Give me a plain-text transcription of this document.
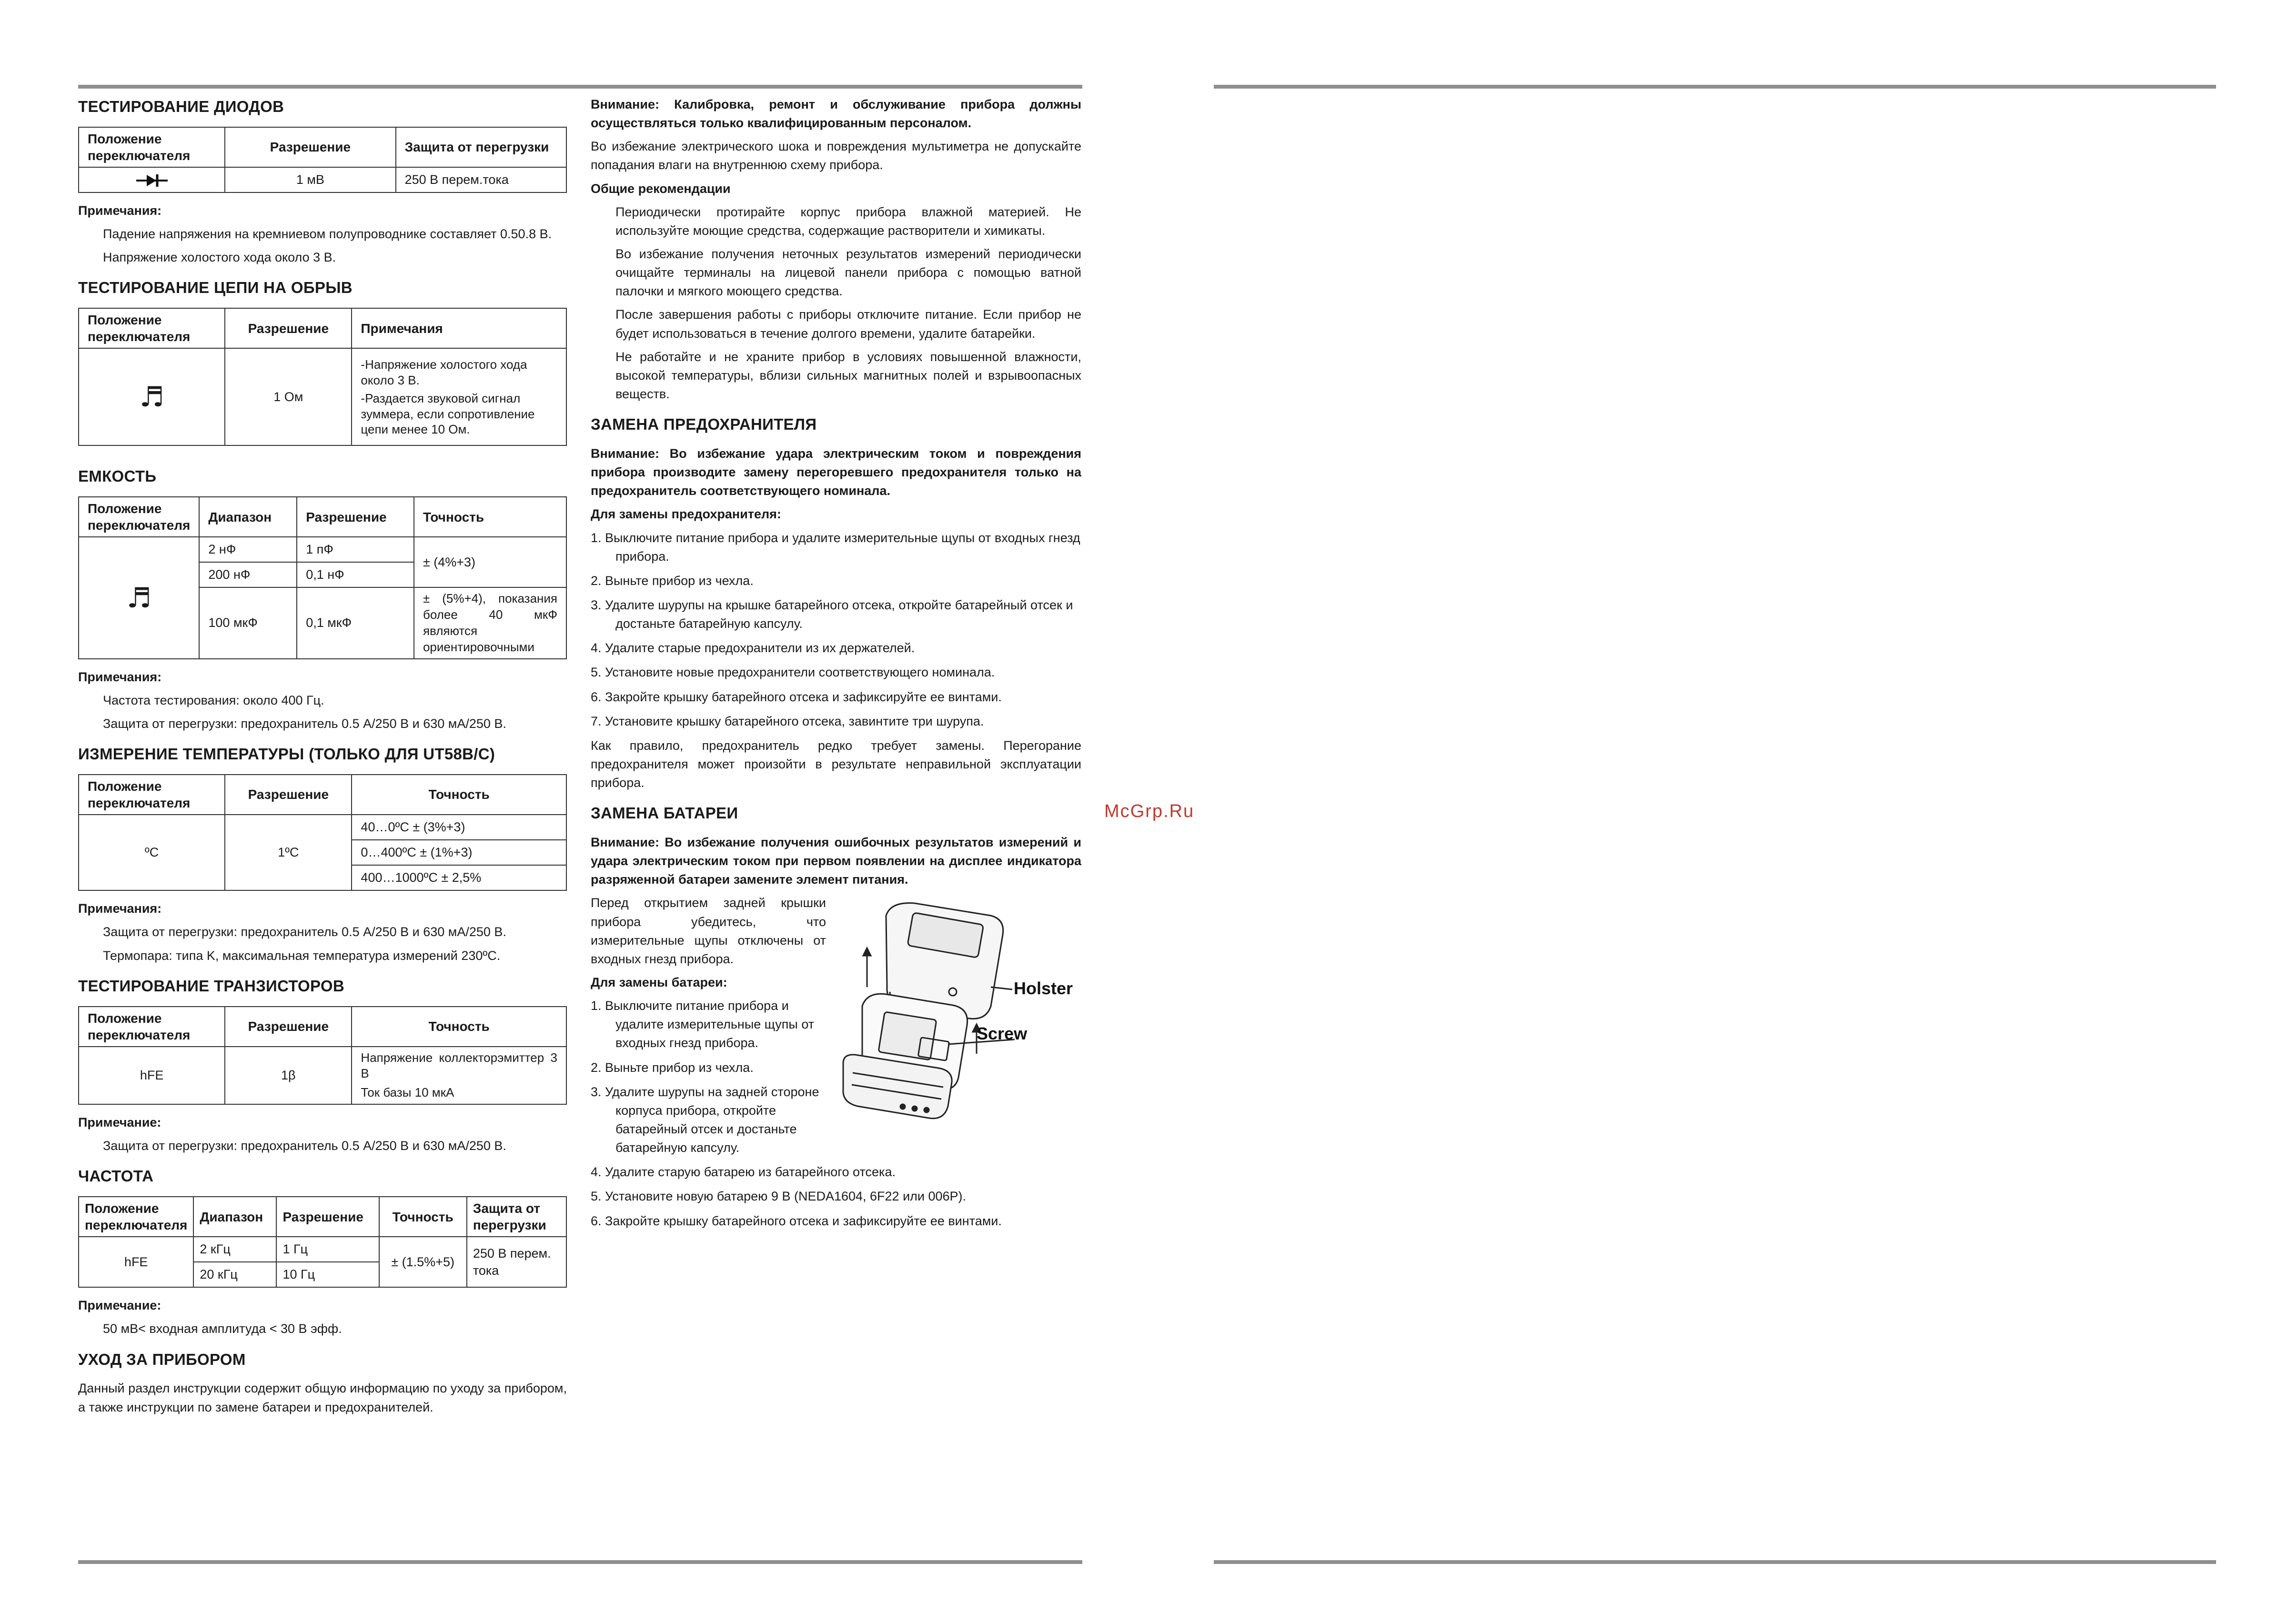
McGrp.Ru
ТЕСТИРОВАНИЕ ДИОДОВ
Положение переключателя	Разрешение	Защита от перегрузки
	1 мВ	250 В перем.тока

Примечания:

Падение напряжения на кремниевом полупроводнике составляет 0.50.8 В.

Напряжение холостого хода около 3 В.

ТЕСТИРОВАНИЕ ЦЕПИ НА ОБРЫВ
Положение переключателя	Разрешение	Примечания
♬	1 Ом	-Напряжение холостого хода около 3 В.
-Раздается звуковой сигнал зуммера, если сопротивление цепи менее 10 Ом.
ЕМКОСТЬ
Положение переключателя	Диапазон	Разрешение	Точность
♬	2 нФ	1 пФ	± (4%+3)
	200 нФ	0,1 нФ	
	100 мкФ	0,1 мкФ	± (5%+4), показания более 40 мкФ являются ориентировочными

Примечания:

Частота тестирования: около 400 Гц.

Защита от перегрузки: предохранитель 0.5 А/250 В и 630 мА/250 В.

ИЗМЕРЕНИЕ ТЕМПЕРАТУРЫ (ТОЛЬКО ДЛЯ UT58B/C)
Положение переключателя	Разрешение	Точность
ºC	1ºC	40…0ºC ± (3%+3)
		0…400ºC ± (1%+3)
		400…1000ºC ± 2,5%

Примечания:

Защита от перегрузки: предохранитель 0.5 А/250 В и 630 мА/250 В.

Термопара: типа K, максимальная температура измерений 230ºC.

ТЕСТИРОВАНИЕ ТРАНЗИСТОРОВ
Положение переключателя	Разрешение	Точность
hFE	1β	Напряжение коллекторэмиттер 3 В
Ток базы 10 мкА

Примечание:

Защита от перегрузки: предохранитель 0.5 А/250 В и 630 мА/250 В.

ЧАСТОТА
Положение переключателя	Диапазон	Разрешение	Точность	Защита от перегрузки
hFE	2 кГц	1 Гц	± (1.5%+5)	250 В перем. тока
	20 кГц	10 Гц		

Примечание:

50 мВ< входная амплитуда < 30 В эфф.

УХОД ЗА ПРИБОРОМ

Данный раздел инструкции содержит общую информацию по уходу за прибором, а также инструкции по замене батареи и предохранителей.

Внимание: Калибровка, ремонт и обслуживание прибора должны осуществляться только квалифицированным персоналом.

Во избежание электрического шока и повреждения мультиметра не допускайте попадания влаги на внутреннюю схему прибора.

Общие рекомендации

Периодически протирайте корпус прибора влажной материей. Не используйте моющие средства, содержащие растворители и химикаты.

Во избежание получения неточных результатов измерений периодически очищайте терминалы на лицевой панели прибора с помощью ватной палочки и мягкого моющего средства.

После завершения работы с приборы отключите питание. Если прибор не будет использоваться в течение долгого времени, удалите батарейки.

Не работайте и не храните прибор в условиях повышенной влажности, высокой температуры, вблизи сильных магнитных полей и взрывоопасных веществ.

ЗАМЕНА ПРЕДОХРАНИТЕЛЯ

Внимание: Во избежание удара электрическим током и повреждения прибора производите замену перегоревшего предохранителя только на предохранитель соответствующего номинала.

Для замены предохранителя:

1. Выключите питание прибора и удалите измерительные щупы от входных гнезд прибора.
2. Выньте прибор из чехла.
3. Удалите шурупы на крышке батарейного отсека, откройте батарейный отсек и достаньте батарейную капсулу.
4. Удалите старые предохранители из их держателей.
5. Установите новые предохранители соответствующего номинала.
6. Закройте крышку батарейного отсека и зафиксируйте ее винтами.
7. Установите крышку батарейного отсека, завинтите три шурупа.

Как правило, предохранитель редко требует замены. Перегорание предохранителя может произойти в результате неправильной эксплуатации прибора.

ЗАМЕНА БАТАРЕИ

Внимание: Во избежание получения ошибочных результатов измерений и удара электрическим током при первом появлении на дисплее индикатора разряженной батареи замените элемент питания.

Holster
Screw

Перед открытием задней крышки прибора убедитесь, что измерительные щупы отключены от входных гнезд прибора.

Для замены батареи:

1. Выключите питание прибора и удалите измерительные щупы от входных гнезд прибора.
2. Выньте прибор из чехла.
3. Удалите шурупы на задней стороне корпуса прибора, откройте батарейный отсек и достаньте батарейную капсулу.
4. Удалите старую батарею из батарейного отсека.
5. Установите новую батарею 9 В (NEDA1604, 6F22 или 006P).
6. Закройте крышку батарейного отсека и зафиксируйте ее винтами.
